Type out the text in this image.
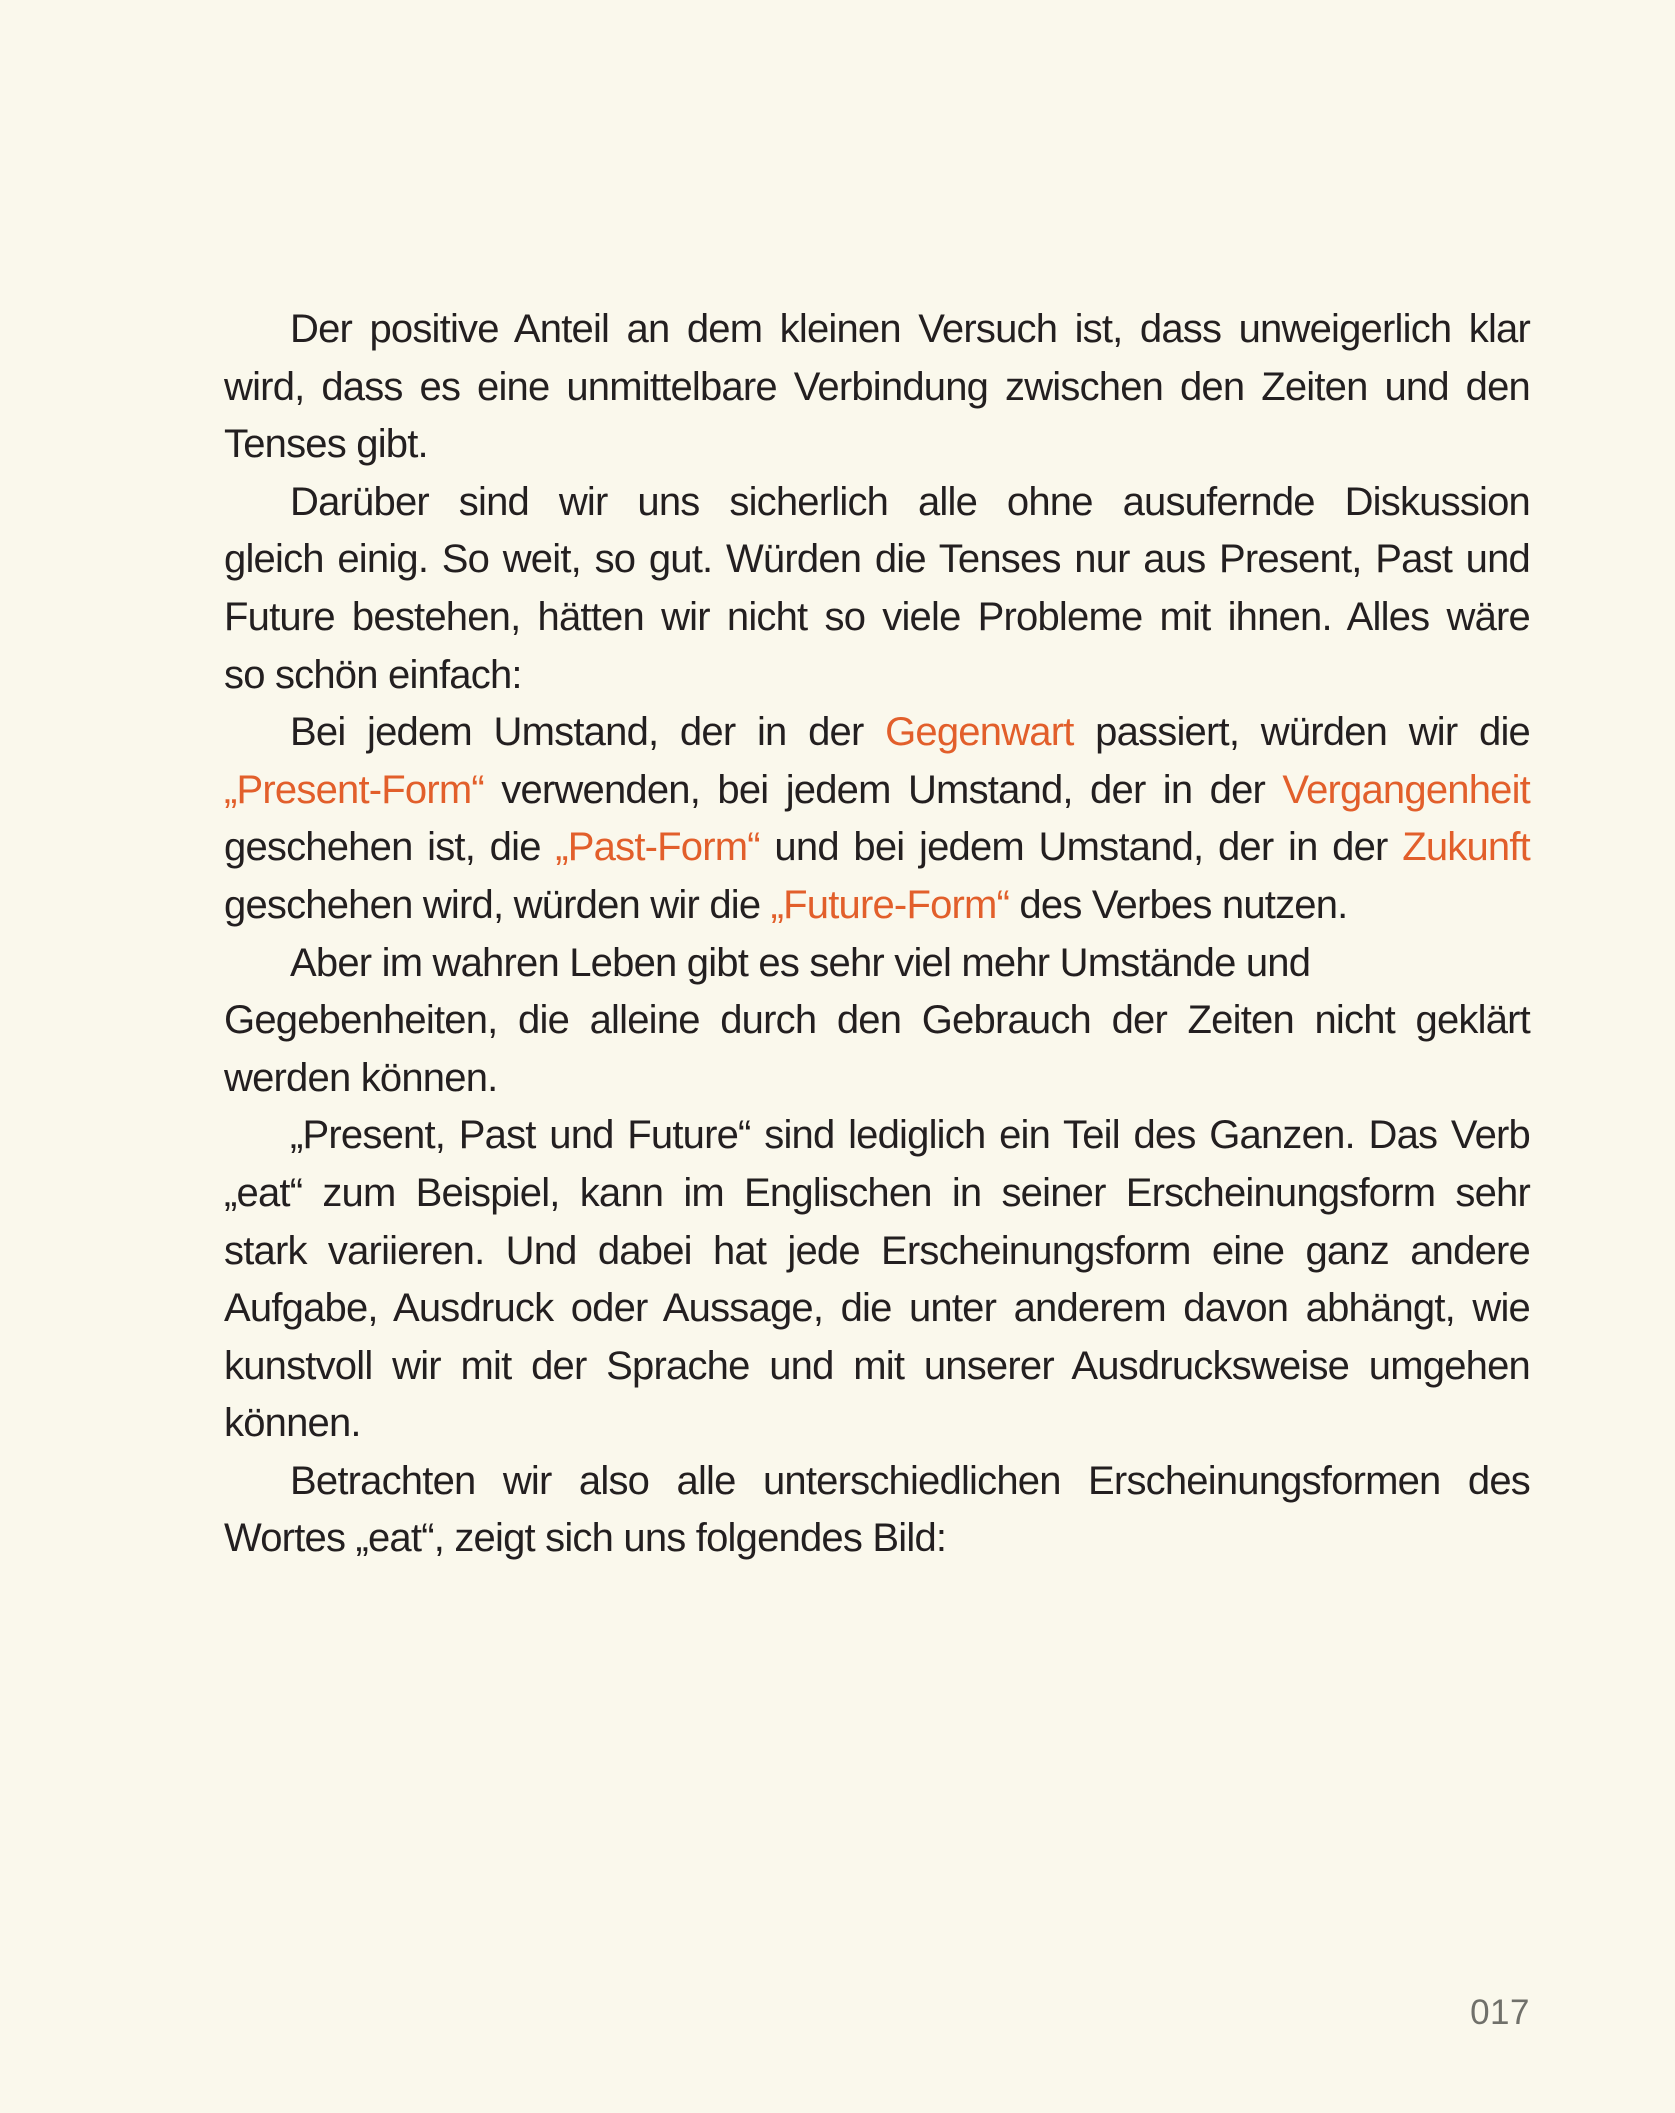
Der positive Anteil an dem kleinen Versuch ist, dass unweigerlich klar
wird, dass es eine unmittelbare Verbindung zwischen den Zeiten und den
Tenses gibt.
Darüber sind wir uns sicherlich alle ohne ausufernde Diskussion
gleich einig. So weit, so gut. Würden die Tenses nur aus Present, Past und
Future bestehen, hätten wir nicht so viele Probleme mit ihnen. Alles wäre
so schön einfach:
Bei jedem Umstand, der in der Gegenwart passiert, würden wir die
„Present-Form“ verwenden, bei jedem Umstand, der in der Vergangenheit
geschehen ist, die „Past-Form“ und bei jedem Umstand, der in der Zukunft
geschehen wird, würden wir die „Future-Form“ des Verbes nutzen.
Aber im wahren Leben gibt es sehr viel mehr Umstände und
Gegebenheiten, die alleine durch den Gebrauch der Zeiten nicht geklärt
werden können.
„Present, Past und Future“ sind lediglich ein Teil des Ganzen. Das Verb
„eat“ zum Beispiel, kann im Englischen in seiner Erscheinungsform sehr
stark variieren. Und dabei hat jede Erscheinungsform eine ganz andere
Aufgabe, Ausdruck oder Aussage, die unter anderem davon abhängt, wie
kunstvoll wir mit der Sprache und mit unserer Ausdrucksweise umgehen
können.
Betrachten wir also alle unterschiedlichen Erscheinungsformen des
Wortes „eat“, zeigt sich uns folgendes Bild:
017
